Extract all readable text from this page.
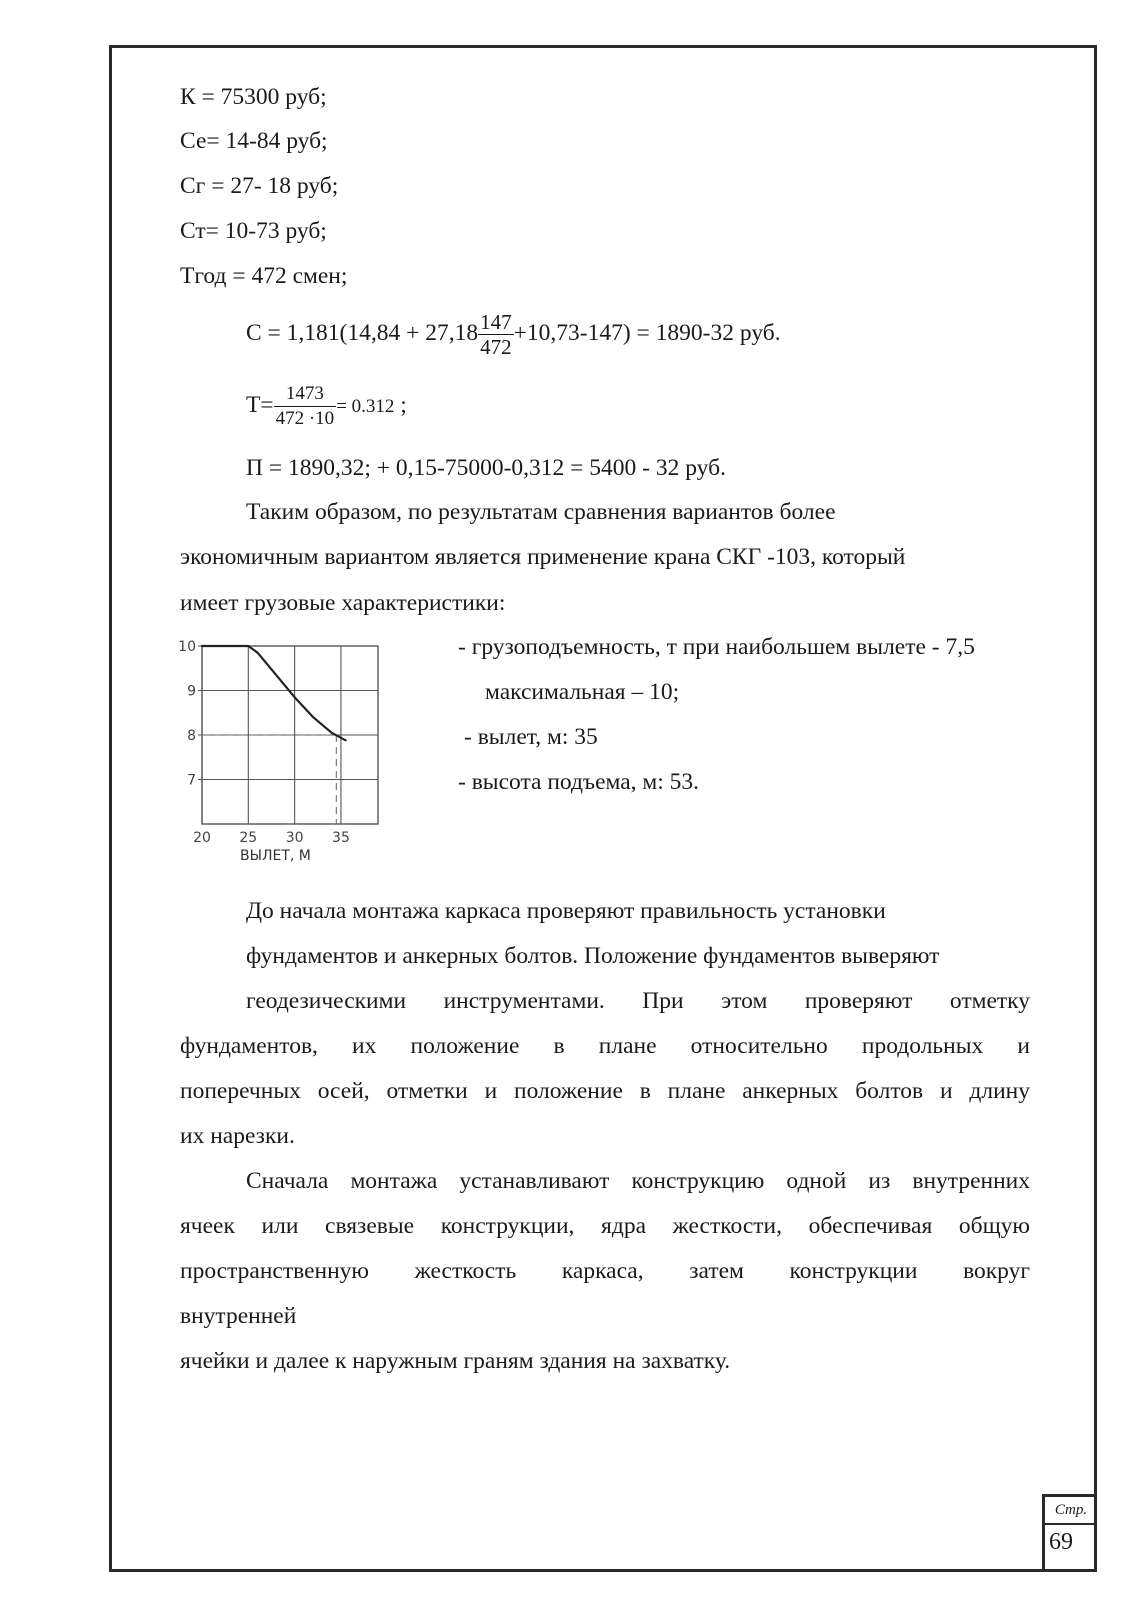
К = 75300 руб;
Се= 14-84 руб;
Сг = 27- 18 руб;
Ст= 10-73 руб;
Тгод = 472 смен;
$С = 1,181(14,84 + 27,18 \frac{147}{472} +10,73-147) = 1890-32$ руб.
$Т= \frac{1473}{472 \cdot 10} = 0.312$ ;
П = 1890,32; + 0,15-75000-0,312 = 5400 - 32 руб.
Таким образом, по результатам сравнения вариантов более
экономичным вариантом является применение крана СКГ -103, который
имеет грузовые характеристики:
10
9
8
7
20 25 30 35
ВЫЛЕТ, М
- грузоподъемность, т при наибольшем вылете - 7,5
максимальная – 10;
- вылет, м: 35
- высота подъема, м: 53.
До начала монтажа каркаса проверяют правильность установки
фундаментов и анкерных болтов. Положение фундаментов выверяют
геодезическими инструментами. При этом проверяют отметку
фундаментов, их положение в плане относительно продольных и
поперечных осей, отметки и положение в плане анкерных болтов и длину
их нарезки.
Сначала монтажа устанавливают конструкцию одной из внутренних
ячеек или связевые конструкции, ядра жесткости, обеспечивая общую
пространственную жесткость каркаса, затем конструкции вокруг
внутренней
ячейки и далее к наружным граням здания на захватку.
Стр.
69
